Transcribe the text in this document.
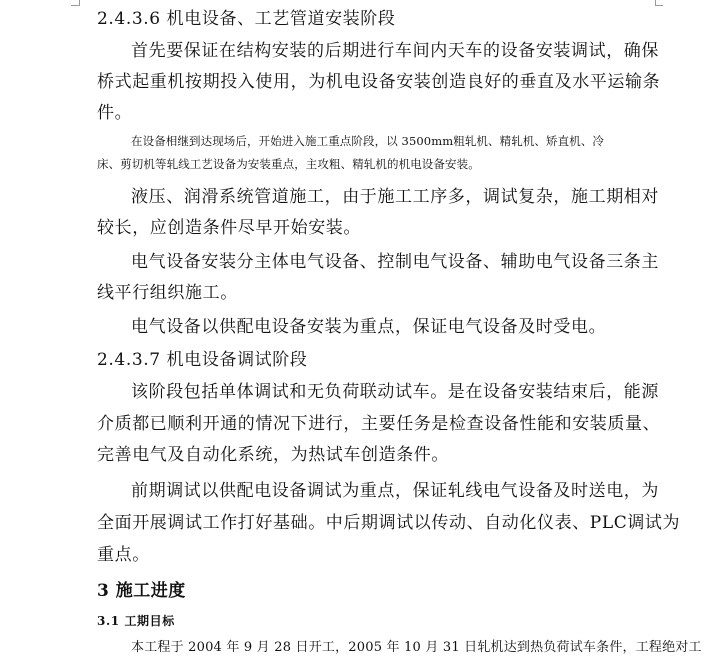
2.4.3.6 机电设备、工艺管道安装阶段
首先要保证在结构安装的后期进行车间内天车的设备安装调试，确保
桥式起重机按期投入使用，为机电设备安装创造良好的垂直及水平运输条
件。
在设备相继到达现场后，开始进入施工重点阶段，以 3500mm粗轧机、精轧机、矫直机、冷
床、剪切机等轧线工艺设备为安装重点，主攻粗、精轧机的机电设备安装。
液压、润滑系统管道施工，由于施工工序多，调试复杂，施工期相对
较长，应创造条件尽早开始安装。
电气设备安装分主体电气设备、控制电气设备、辅助电气设备三条主
线平行组织施工。
电气设备以供配电设备安装为重点，保证电气设备及时受电。
2.4.3.7 机电设备调试阶段
该阶段包括单体调试和无负荷联动试车。是在设备安装结束后，能源
介质都已顺利开通的情况下进行，主要任务是检查设备性能和安装质量、
完善电气及自动化系统，为热试车创造条件。
前期调试以供配电设备调试为重点，保证轧线电气设备及时送电，为
全面开展调试工作打好基础。中后期调试以传动、自动化仪表、PLC调试为
重点。
3 施工进度
3.1 工期目标
本工程于 2004 年 9 月 28 日开工，2005 年 10 月 31 日轧机达到热负荷试车条件，工程绝对工
